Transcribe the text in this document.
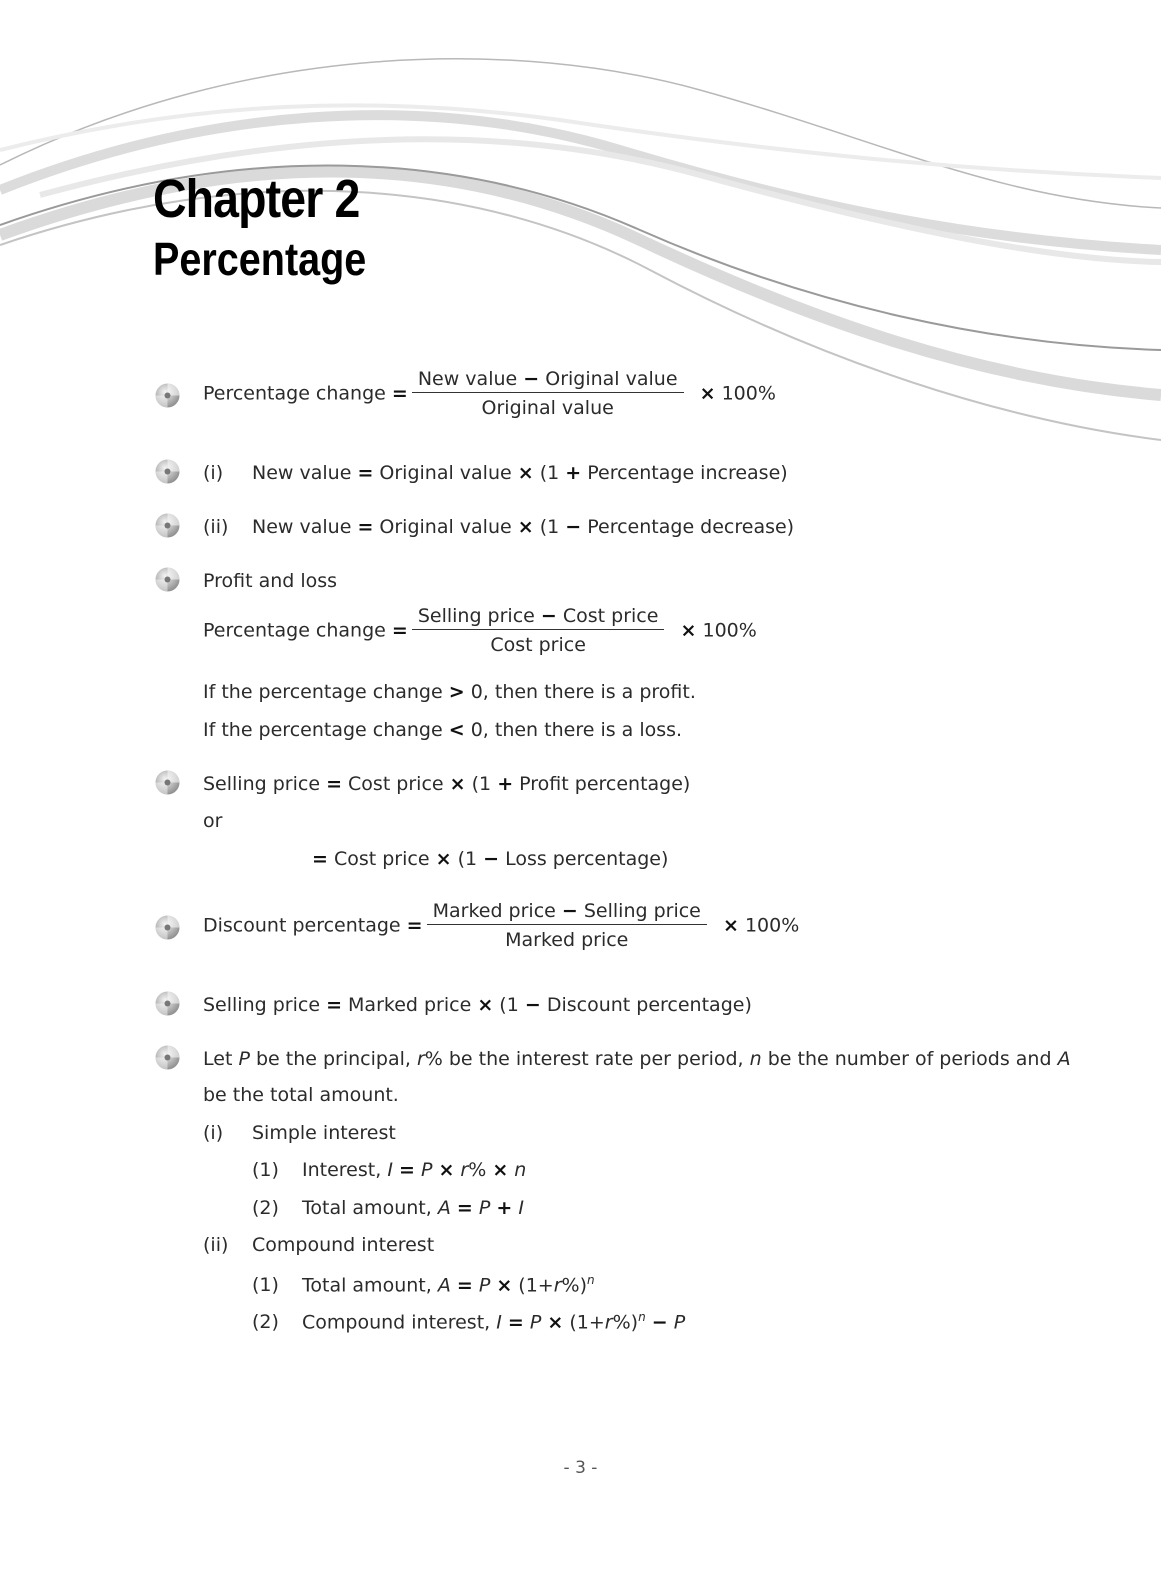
Chapter 2
Percentage
Percentage change = $\frac{\text{New value − Original value}}{\text{Original value}} \times 100\%$

(i) New value = Original value × (1 + Percentage increase)

(ii) New value = Original value × (1 − Percentage decrease)

Profit and loss

Percentage change = $\frac{\text{Selling price − Cost price}}{\text{Cost price}} \times 100\%$

If the percentage change > 0, then there is a profit.

If the percentage change < 0, then there is a loss.

Selling price = Cost price × (1 + Profit percentage)

or

= Cost price × (1 − Loss percentage)

Discount percentage = $\frac{\text{Marked price − Selling price}}{\text{Marked price}} \times 100\%$

Selling price = Marked price × (1 − Discount percentage)

Let P be the principal, r% be the interest rate per period, n be the number of periods and A

be the total amount.

(i) Simple interest

(1) Interest, I = P × r% × n

(2) Total amount, A = P + I

(ii) Compound interest

(1) Total amount, $A = P \times (1+r\%)^n$

(2) Compound interest, $I = P \times (1+r\%)^n - P$

- 3 -
